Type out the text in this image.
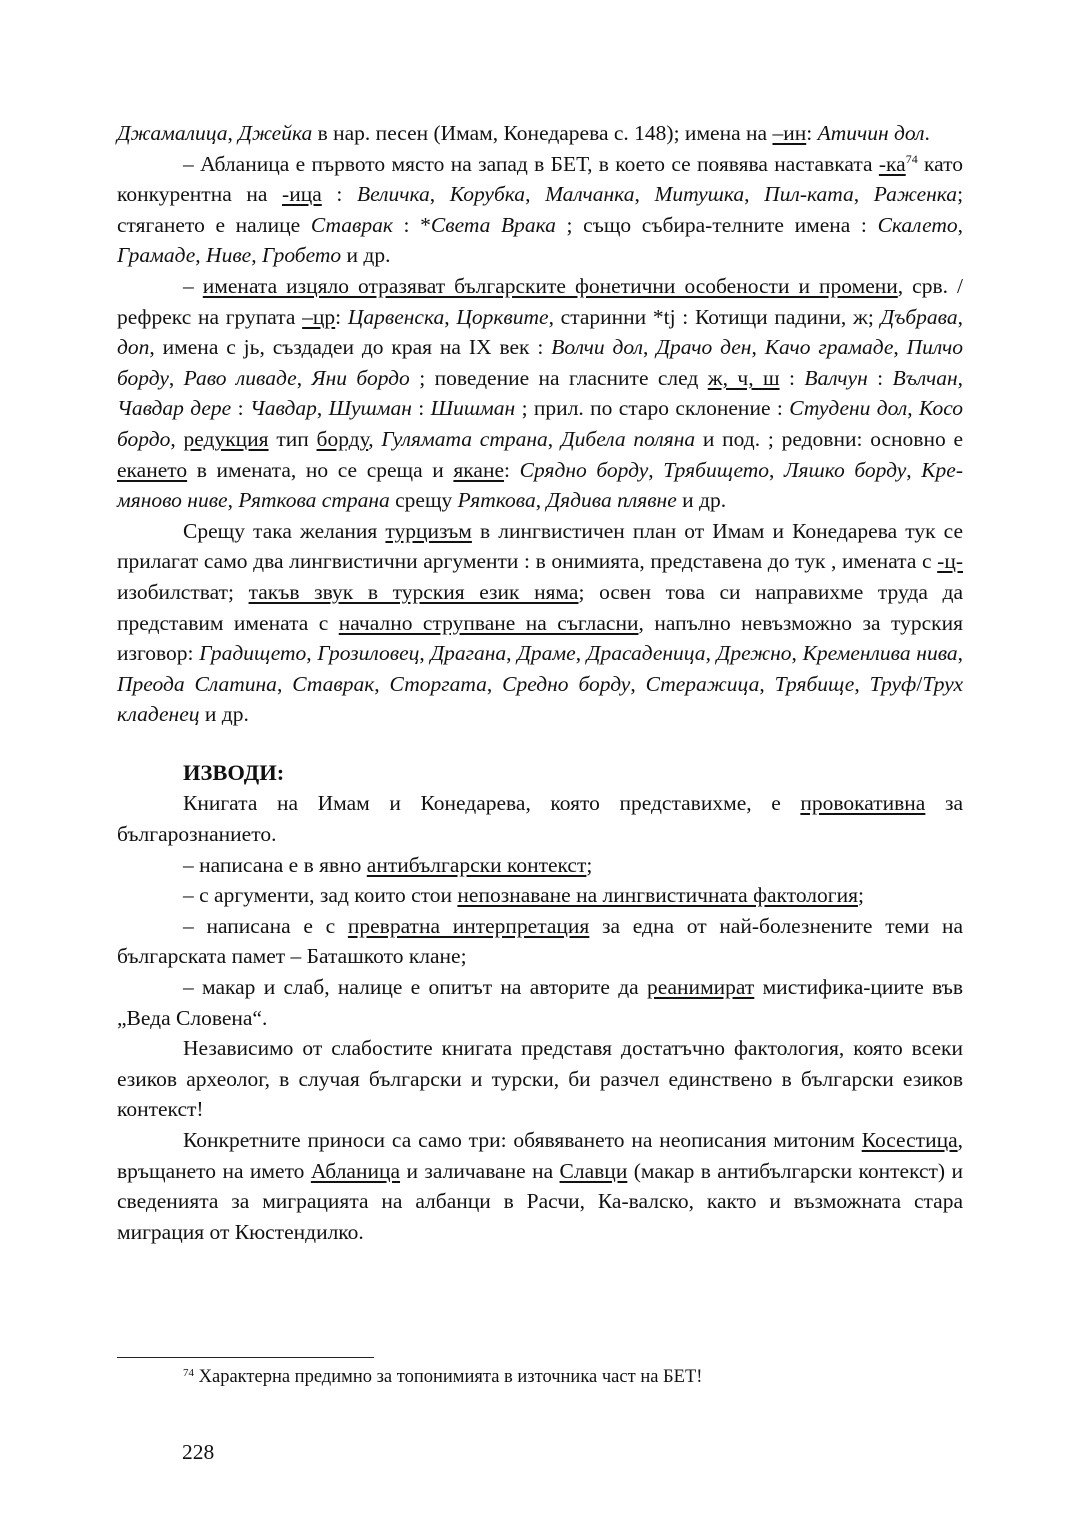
Джамалица, Джейка в нар. песен (Имам, Конедарева с. 148); имена на –ин: Атичин дол.

– Абланица е първото място на запад в БЕТ, в което се появява наставката $-ка^{74}$ като конкурентна на -ица : Величка, Корубка, Малчанка, Митушка, Пил-ката, Раженка; стягането е налице Ставрак : *Света Врака ; също събира-телните имена : Скалето, Грамаде, Ниве, Гробето и др.

– имената изцяло отразяват българските фонетични особености и промени, срв. / рефрекс на групата –цр: Царвенска, Цорквите, старинни *tj : Котищи падини, ж; Дъбрава, доп, имена с jь, създадеи до края на IX век : Волчи дол, Драчо ден, Качо грамаде, Пилчо борду, Раво ливаде, Яни бордо ; поведение на гласните след ж, ч, ш : Валчун : Вълчан, Чавдар дере : Чавдар, Шушман : Шишман ; прил. по старо склонение : Студени дол, Косо бордо, редукция тип борду, Гулямата страна, Дибела поляна и под. ; редовни: основно е екането в имената, но се среща и якане: Срядно борду, Трябището, Ляшко борду, Кре-мяново ниве, Ряткова страна срещу Ряткова, Дядива плявне и др.

Срещу така желания турцизъм в лингвистичен план от Имам и Конедарева тук се прилагат само два лингвистични аргументи : в онимията, представена до тук , имената с -ц- изобилстват; такъв звук в турския език няма; освен това си направихме труда да представим имената с начално струпване на съгласни, напълно невъзможно за турския изговор: Градището, Грозиловец, Драгана, Драме, Драсаденица, Дрежно, Кременлива нива, Преода Слатина, Ставрак, Сторгата, Средно борду, Стеражица, Трябище, Труф/Трух кладенец и др.

ИЗВОДИ:

Книгата на Имам и Конедарева, която представихме, е провокативна за българознанието.

– написана е в явно антибългарски контекст;

– с аргументи, зад които стои непознаване на лингвистичната фактология;

– написана е с превратна интерпретация за една от най-болезнените теми на българската памет – Баташкото клане;

– макар и слаб, налице е опитът на авторите да реанимират мистифика-циите във „Веда Словена“.

Независимо от слабостите книгата представя достатъчно фактология, която всеки езиков археолог, в случая български и турски, би разчел единствено в български езиков контекст!

Конкретните приноси са само три: обявяването на неописания митоним Косестица, връщането на името Абланица и заличаване на Славци (макар в антибългарски контекст) и сведенията за миграцията на албанци в Расчи, Ка-валско, както и възможната стара миграция от Кюстендилко.

$^{74}$ Характерна предимно за топонимията в източника част на БЕТ!
228
